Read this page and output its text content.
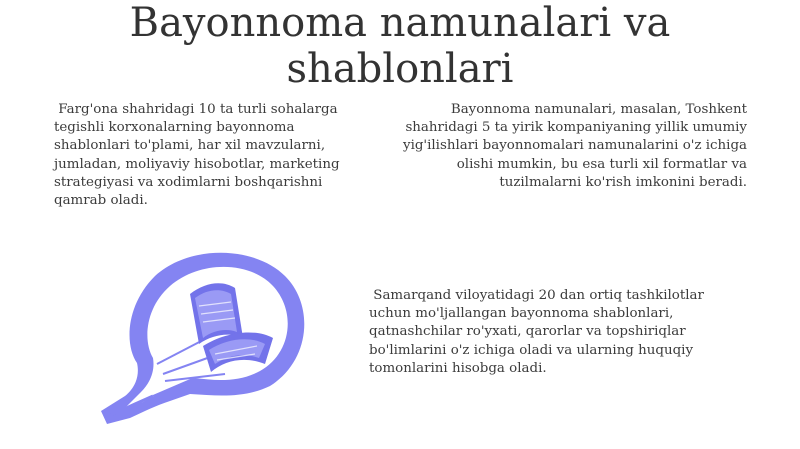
Bayonnoma namunalari va shablonlari

Farg'ona shahridagi 10 ta turli sohalarga
tegishli korxonalarning bayonnoma
shablonlari to'plami, har xil mavzularni,
jumladan, moliyaviy hisobotlar, marketing
strategiyasi va xodimlarni boshqarishni
qamrab oladi.

Bayonnoma namunalari, masalan, Toshkent
shahridagi 5 ta yirik kompaniyaning yillik umumiy
yig'ilishlari bayonnomalari namunalarini o'z ichiga
olishi mumkin, bu esa turli xil formatlar va
tuzilmalarni ko'rish imkonini beradi.

Samarqand viloyatidagi 20 dan ortiq tashkilotlar
uchun mo'ljallangan bayonnoma shablonlari,
qatnashchilar ro'yxati, qarorlar va topshiriqlar
bo'limlarini o'z ichiga oladi va ularning huquqiy
tomonlarini hisobga oladi.
